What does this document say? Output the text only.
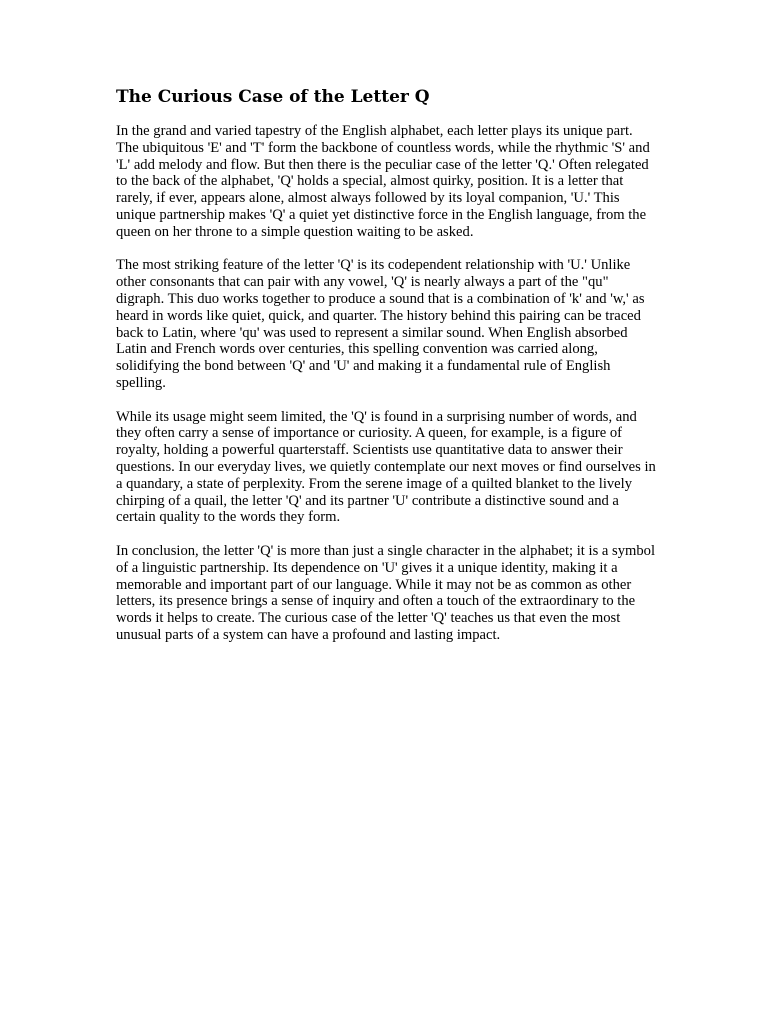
The Curious Case of the Letter Q

In the grand and varied tapestry of the English alphabet, each letter plays its unique part. The ubiquitous 'E' and 'T' form the backbone of countless words, while the rhythmic 'S' and 'L' add melody and flow. But then there is the peculiar case of the letter 'Q.' Often relegated to the back of the alphabet, 'Q' holds a special, almost quirky, position. It is a letter that rarely, if ever, appears alone, almost always followed by its loyal companion, 'U.' This unique partnership makes 'Q' a quiet yet distinctive force in the English language, from the queen on her throne to a simple question waiting to be asked.

The most striking feature of the letter 'Q' is its codependent relationship with 'U.' Unlike other consonants that can pair with any vowel, 'Q' is nearly always a part of the "qu" digraph. This duo works together to produce a sound that is a combination of 'k' and 'w,' as heard in words like quiet, quick, and quarter. The history behind this pairing can be traced back to Latin, where 'qu' was used to represent a similar sound. When English absorbed Latin and French words over centuries, this spelling convention was carried along, solidifying the bond between 'Q' and 'U' and making it a fundamental rule of English spelling.

While its usage might seem limited, the 'Q' is found in a surprising number of words, and they often carry a sense of importance or curiosity. A queen, for example, is a figure of royalty, holding a powerful quarterstaff. Scientists use quantitative data to answer their questions. In our everyday lives, we quietly contemplate our next moves or find ourselves in a quandary, a state of perplexity. From the serene image of a quilted blanket to the lively chirping of a quail, the letter 'Q' and its partner 'U' contribute a distinctive sound and a certain quality to the words they form.

In conclusion, the letter 'Q' is more than just a single character in the alphabet; it is a symbol of a linguistic partnership. Its dependence on 'U' gives it a unique identity, making it a memorable and important part of our language. While it may not be as common as other letters, its presence brings a sense of inquiry and often a touch of the extraordinary to the words it helps to create. The curious case of the letter 'Q' teaches us that even the most unusual parts of a system can have a profound and lasting impact.
